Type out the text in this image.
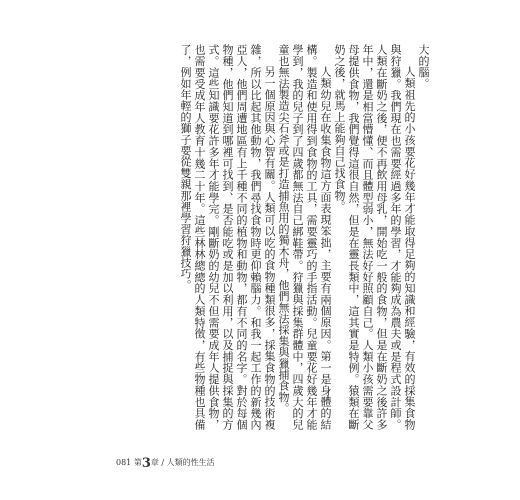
大的腦。

人類祖先的小孩要花好幾年才能取得足夠的知識和經驗，有效的採集食物與狩獵。我們現在也需要經過多年的學習，才能夠成為農夫或是程式設計師。人類在斷奶之後，便不再飲用母乳，開始吃一般的食物，但是在斷奶之後許多年中，還是相當懵懂、而且體型弱小，無法好好照顧自己。人類小孩需要靠父母提供食物，我們覺得這很自然，但是在靈長類中，這其實是特例。猿類在斷奶之後，就馬上能夠自己找食物。

人類幼兒在收集食物這方面表現笨拙，主要有兩個原因。第一是身體的結構。製造和使用得到食物的工具，需要靈巧的手指活動。兒童要花好幾年才能學到，我的兒子到了四歲都無法自己綁鞋帶。狩獵與採集群體中，四歲大的兒童也無法製造尖石斧或是打造捕魚用的獨木舟，他們無法採集與獵捕食物。

另一個原因與心智有關。人類可以吃的食物種類很多，採集食物的技術複雜，所以比起其他動物，我們尋找食物時更仰賴腦力。和我一起工作的新幾內亞人，他們周遭地區有上千種不同的植物和動物，都有不同的名字。對於每個物種，他們知道到哪裡可找到、是否能吃或是加以利用，以及捕捉與採集的方式。這些知識要花許多年才能學完。剛斷奶的幼兒不但需要成年人提供食物，也需要受成年人教育十幾二十年。這些林林總總的人類特徵，有些物種也具備了，例如年輕的獅子要從雙親那裡學習狩獵技巧。

081 第3章 / 人類的性生活
